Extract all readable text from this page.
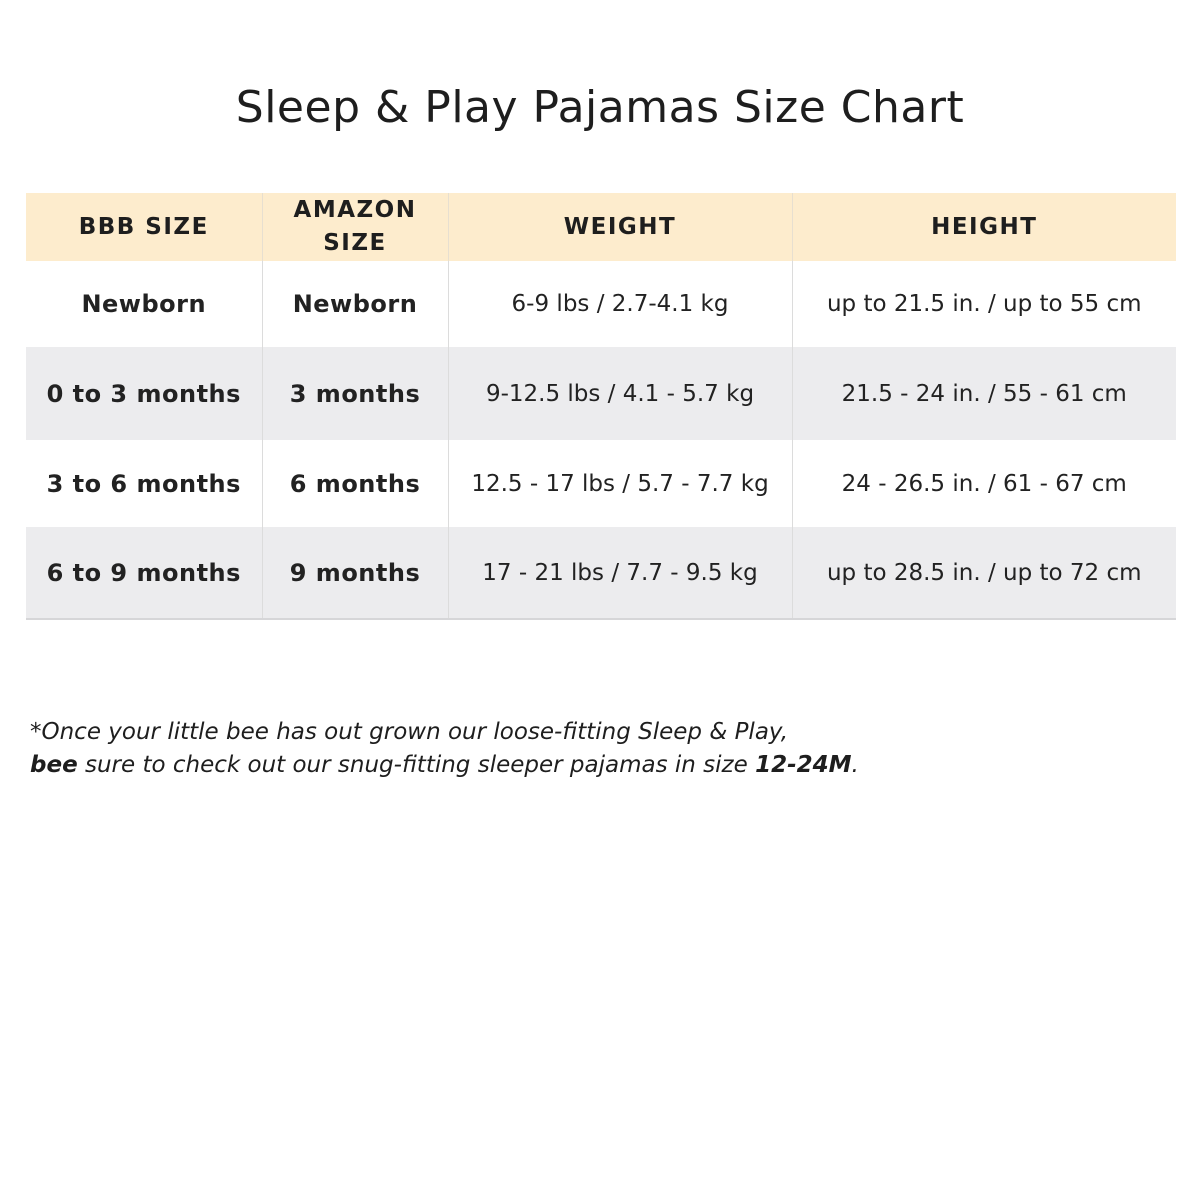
Sleep & Play Pajamas Size Chart
BBB SIZE	AMAZON SIZE	WEIGHT	HEIGHT
Newborn	Newborn	6-9 lbs / 2.7-4.1 kg	up to 21.5 in. / up to 55 cm
0 to 3 months	3 months	9-12.5 lbs / 4.1 - 5.7 kg	21.5 - 24 in. / 55 - 61 cm
3 to 6 months	6 months	12.5 - 17 lbs / 5.7 - 7.7 kg	24 - 26.5 in. / 61 - 67 cm
6 to 9 months	9 months	17 - 21 lbs / 7.7 - 9.5 kg	up to 28.5 in. / up to 72 cm
*Once your little bee has out grown our loose-fitting Sleep & Play,
bee sure to check out our snug-fitting sleeper pajamas in size 12-24M.
